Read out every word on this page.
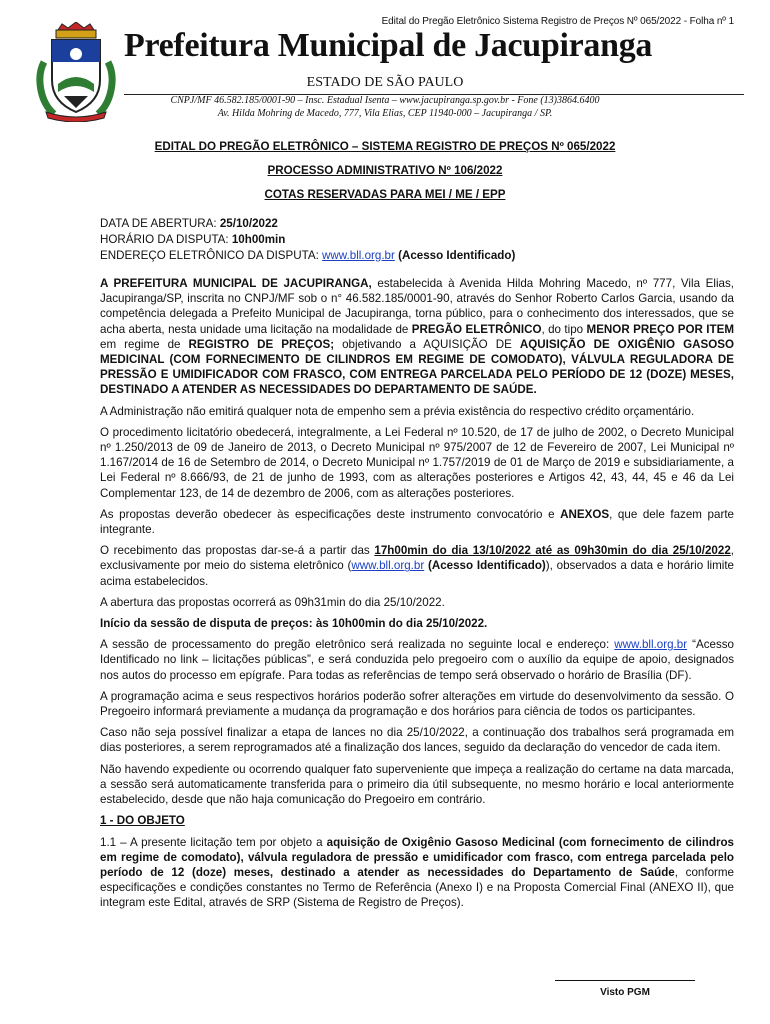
Edital do Pregão Eletrônico Sistema Registro de Preços Nº 065/2022 - Folha nº 1
Prefeitura Municipal de Jacupiranga
ESTADO DE SÃO PAULO
CNPJ/MF 46.582.185/0001-90 – Insc. Estadual Isenta – www.jacupiranga.sp.gov.br - Fone (13)3864.6400
Av. Hilda Mohring de Macedo, 777, Vila Elias, CEP 11940-000 – Jacupiranga / SP.
EDITAL DO PREGÃO ELETRÔNICO – SISTEMA REGISTRO DE PREÇOS Nº 065/2022
PROCESSO ADMINISTRATIVO Nº 106/2022
COTAS RESERVADAS PARA MEI / ME / EPP
DATA DE ABERTURA: 25/10/2022
HORÁRIO DA DISPUTA: 10h00min
ENDEREÇO ELETRÔNICO DA DISPUTA: www.bll.org.br (Acesso Identificado)

A PREFEITURA MUNICIPAL DE JACUPIRANGA, estabelecida à Avenida Hilda Mohring Macedo, nº 777, Vila Elias, Jacupiranga/SP, inscrita no CNPJ/MF sob o n° 46.582.185/0001-90, através do Senhor Roberto Carlos Garcia, usando da competência delegada a Prefeito Municipal de Jacupiranga, torna público, para o conhecimento dos interessados, que se acha aberta, nesta unidade uma licitação na modalidade de PREGÃO ELETRÔNICO, do tipo MENOR PREÇO POR ITEM em regime de REGISTRO DE PREÇOS; objetivando a AQUISIÇÃO DE AQUISIÇÃO DE OXIGÊNIO GASOSO MEDICINAL (COM FORNECIMENTO DE CILINDROS EM REGIME DE COMODATO), VÁLVULA REGULADORA DE PRESSÃO E UMIDIFICADOR COM FRASCO, COM ENTREGA PARCELADA PELO PERÍODO DE 12 (DOZE) MESES, DESTINADO A ATENDER AS NECESSIDADES DO DEPARTAMENTO DE SAÚDE.

A Administração não emitirá qualquer nota de empenho sem a prévia existência do respectivo crédito orçamentário.

O procedimento licitatório obedecerá, integralmente, a Lei Federal nº 10.520, de 17 de julho de 2002, o Decreto Municipal nº 1.250/2013 de 09 de Janeiro de 2013, o Decreto Municipal nº 975/2007 de 12 de Fevereiro de 2007, Lei Municipal nº 1.167/2014 de 16 de Setembro de 2014, o Decreto Municipal nº 1.757/2019 de 01 de Março de 2019 e subsidiariamente, a Lei Federal nº 8.666/93, de 21 de junho de 1993, com as alterações posteriores e Artigos 42, 43, 44, 45 e 46 da Lei Complementar 123, de 14 de dezembro de 2006, com as alterações posteriores.

As propostas deverão obedecer às especificações deste instrumento convocatório e ANEXOS, que dele fazem parte integrante.

O recebimento das propostas dar-se-á a partir das 17h00min do dia 13/10/2022 até as 09h30min do dia 25/10/2022, exclusivamente por meio do sistema eletrônico (www.bll.org.br (Acesso Identificado)), observados a data e horário limite acima estabelecidos.

A abertura das propostas ocorrerá as 09h31min do dia 25/10/2022.

Início da sessão de disputa de preços: às 10h00min do dia 25/10/2022.

A sessão de processamento do pregão eletrônico será realizada no seguinte local e endereço: www.bll.org.br “Acesso Identificado no link – licitações públicas”, e será conduzida pelo pregoeiro com o auxílio da equipe de apoio, designados nos autos do processo em epígrafe. Para todas as referências de tempo será observado o horário de Brasília (DF).

A programação acima e seus respectivos horários poderão sofrer alterações em virtude do desenvolvimento da sessão. O Pregoeiro informará previamente a mudança da programação e dos horários para ciência de todos os participantes.

Caso não seja possível finalizar a etapa de lances no dia 25/10/2022, a continuação dos trabalhos será programada em dias posteriores, a serem reprogramados até a finalização dos lances, seguido da declaração do vencedor de cada item.

Não havendo expediente ou ocorrendo qualquer fato superveniente que impeça a realização do certame na data marcada, a sessão será automaticamente transferida para o primeiro dia útil subsequente, no mesmo horário e local anteriormente estabelecido, desde que não haja comunicação do Pregoeiro em contrário.

1 - DO OBJETO

1.1 – A presente licitação tem por objeto a aquisição de Oxigênio Gasoso Medicinal (com fornecimento de cilindros em regime de comodato), válvula reguladora de pressão e umidificador com frasco, com entrega parcelada pelo período de 12 (doze) meses, destinado a atender as necessidades do Departamento de Saúde, conforme especificações e condições constantes no Termo de Referência (Anexo I) e na Proposta Comercial Final (ANEXO II), que integram este Edital, através de SRP (Sistema de Registro de Preços).

Visto PGM
